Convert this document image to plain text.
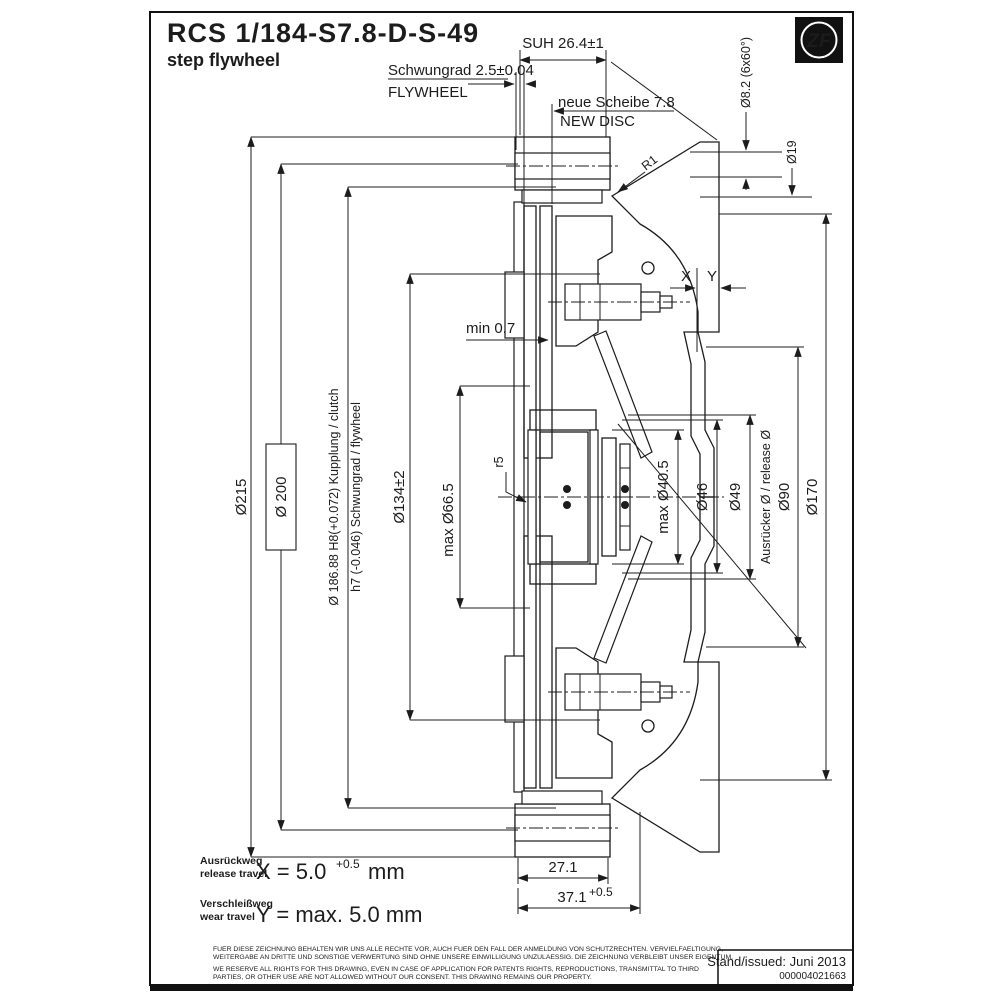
RCS 1/184-S7.8-D-S-49
step flywheel
ZF
SUH 26.4±1
Schwungrad 2.5±0.04
FLYWHEEL
neue Scheibe 7.8
NEW DISC
R1
Ø8.2 (6x60°)
Ø19
X Y
Ø215 Ø 200	Ø 186.88 H8(+0.072) Kupplung / clutch h7 (-0.046) Schwungrad / flywheel Ø134±2 max Ø66.5
min 0.7
r5	max Ø40.5 Ø46 Ø49 Ausrücker Ø / release Ø Ø90 Ø170
27.1
37.1 +0.5
Ausrückweg
release travel
X = 5.0 +0.5 mm
Verschleißweg
wear travel Y = max. 5.0 mm
FUER DIESE ZEICHNUNG BEHALTEN WIR UNS ALLE RECHTE VOR, AUCH FUER DEN FALL DER ANMELDUNG VON SCHUTZRECHTEN. VERVIELFAELTIGUNG,
WEITERGABE AN DRITTE UND SONSTIGE VERWERTUNG SIND OHNE UNSERE EINWILLIGUNG UNZULAESSIG. DIE ZEICHNUNG VERBLEIBT UNSER EIGENTUM.
WE RESERVE ALL RIGHTS FOR THIS DRAWING, EVEN IN CASE OF APPLICATION FOR PATENTS RIGHTS, REPRODUCTIONS, TRANSMITTAL TO THIRD
PARTIES, OR OTHER USE ARE NOT ALLOWED WITHOUT OUR CONSENT. THIS DRAWING REMAINS OUR PROPERTY.
Stand/issued: Juni 2013
000004021663
